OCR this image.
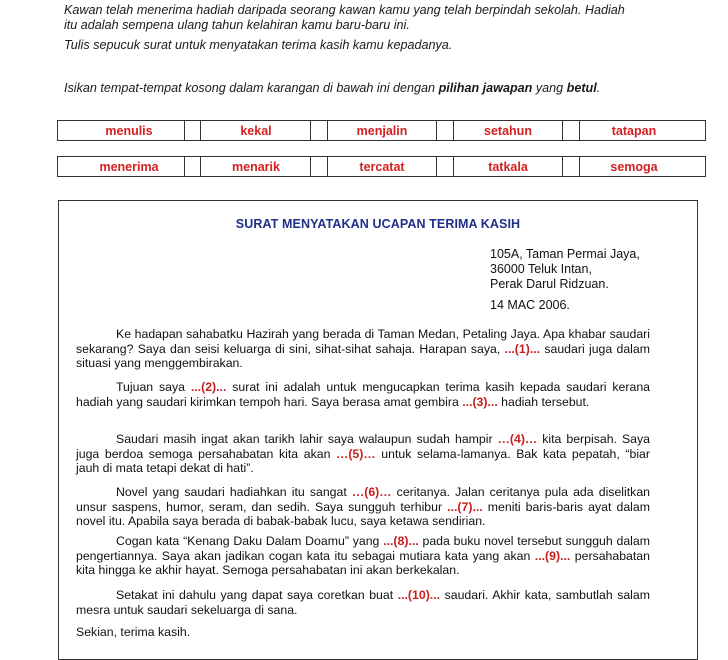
Kawan telah menerima hadiah daripada seorang kawan kamu yang telah berpindah sekolah. Hadiah
itu adalah sempena ulang tahun kelahiran kamu baru-baru ini.
Tulis sepucuk surat untuk menyatakan terima kasih kamu kepadanya.
Isikan tempat-tempat kosong dalam karangan di bawah ini dengan pilihan jawapan yang betul.
menulis	kekal	menjalin	setahun	tatapan
menerima	menarik	tercatat	tatkala	semoga
SURAT MENYATAKAN UCAPAN TERIMA KASIH
105A, Taman Permai Jaya,
36000 Teluk Intan,
Perak Darul Ridzuan.
14 MAC 2006.
Ke hadapan sahabatku Hazirah yang berada di Taman Medan, Petaling Jaya. Apa khabar saudari sekarang? Saya dan seisi keluarga di sini, sihat-sihat sahaja. Harapan saya, ...(1)... saudari juga dalam situasi yang menggembirakan.
Tujuan saya ...(2)... surat ini adalah untuk mengucapkan terima kasih kepada saudari kerana hadiah yang saudari kirimkan tempoh hari. Saya berasa amat gembira ...(3)... hadiah tersebut.
Saudari masih ingat akan tarikh lahir saya walaupun sudah hampir …(4)… kita berpisah. Saya juga berdoa semoga persahabatan kita akan …(5)… untuk selama-lamanya. Bak kata pepatah, “biar jauh di mata tetapi dekat di hati”.
Novel yang saudari hadiahkan itu sangat …(6)… ceritanya. Jalan ceritanya pula ada diselitkan unsur saspens, humor, seram, dan sedih. Saya sungguh terhibur ...(7)... meniti baris-baris ayat dalam novel itu. Apabila saya berada di babak-babak lucu, saya ketawa sendirian.
Cogan kata “Kenang Daku Dalam Doamu” yang ...(8)... pada buku novel tersebut sungguh dalam pengertiannya. Saya akan jadikan cogan kata itu sebagai mutiara kata yang akan ...(9)... persahabatan kita hingga ke akhir hayat. Semoga persahabatan ini akan berkekalan.
Setakat ini dahulu yang dapat saya coretkan buat ...(10)... saudari. Akhir kata, sambutlah salam mesra untuk saudari sekeluarga di sana.
Sekian, terima kasih.
